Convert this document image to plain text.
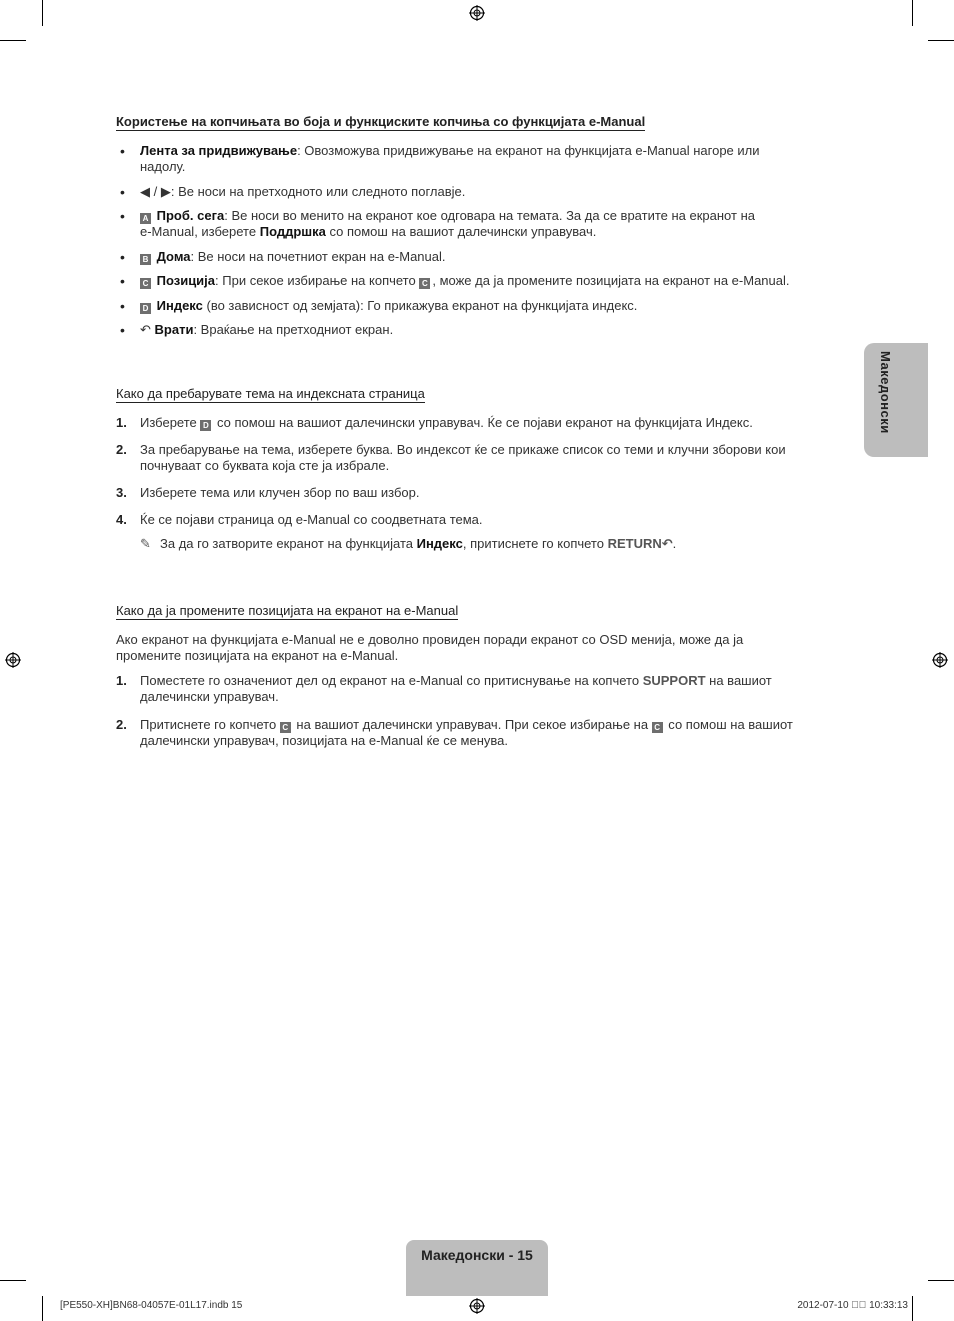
Користење на копчињата во боја и функциските копчиња со функцијата e-Manual
•	Лента за придвижување: Овозможува придвижување на екранот на функцијата e-Manual нагоре или
надолу.
•	◀ / ▶: Ве носи на претходното или следното поглавје.
•	A Проб. сега: Ве носи во менито на екранот кое одговара на темата. За да се вратите на екранот на
e-Manual, изберете Поддршка со помош на вашиот далечински управувач.
•	B Дома: Ве носи на почетниот екран на e-Manual.
•	C Позиција: При секое избирање на копчето C , може да ја промените позицијата на екранот на e-Manual.
•	D Индекс (во зависност од земјата): Го прикажува екранот на функцијата индекс.
•	↶ Врати: Враќање на претходниот екран.
Како да пребарувате тема на индексната страница
1.	Изберете D со помош на вашиот далечински управувач. Ќе се појави екранот на функцијата Индекс.
2.	За пребарување на тема, изберете буква. Во индексот ќе се прикаже список со теми и клучни зборови кои
почнуваат со буквата која сте ја избрале.
3.	Изберете тема или клучен збор по ваш избор.
4.	Ќе се појави страница од e-Manual со соодветната тема.
✎ За да го затворите екранот на функцијата Индекс, притиснете го копчето RETURN↶.
Како да ја промените позицијата на екранот на e-Manual
Ако екранот на функцијата e-Manual не е доволно провиден поради екранот со OSD менија, може да ја
промените позицијата на екранот на e-Manual.
1.	Поместете го означениот дел од екранот на e-Manual со притиснување на копчето SUPPORT на вашиот
далечински управувач.
2.	Притиснете го копчето C на вашиот далечински управувач. При секое избирање на C со помош на вашиот
далечински управувач, позицијата на e-Manual ќе се менува.
Македонски
Македонски - 15
[PE550-XH]BN68-04057E-01L17.indb 15	2012-07-10 ￿￿ 10:33:13
